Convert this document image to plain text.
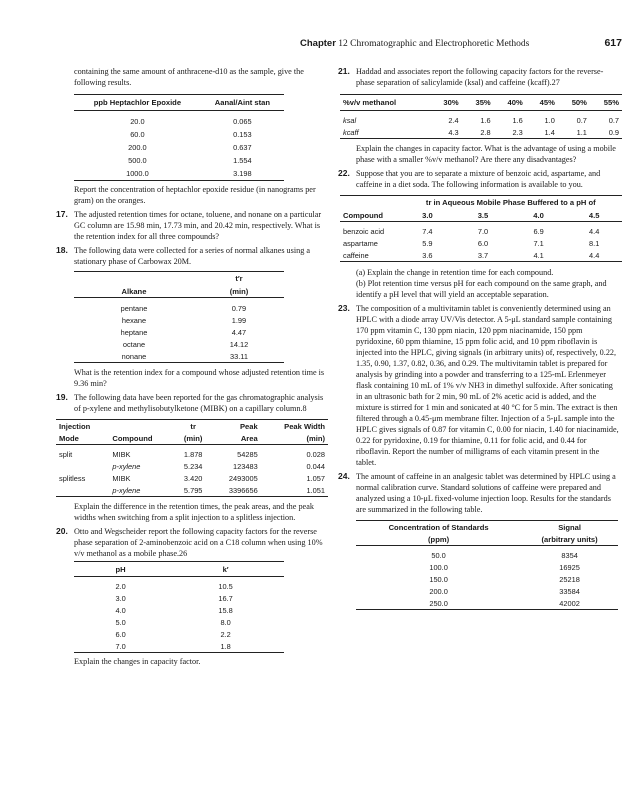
Chapter 12 Chromatographic and Electrophoretic Methods	617

containing the same amount of anthracene-d10 as the sample, give the following results.

ppb Heptachlor Epoxide	Aanal/Aint stan

20.0	0.065
60.0	0.153
200.0	0.637
500.0	1.554
1000.0	3.198

Report the concentration of heptachlor epoxide residue (in nanograms per gram) on the oranges.

17. The adjusted retention times for octane, toluene, and nonane on a particular GC column are 15.98 min, 17.73 min, and 20.42 min, respectively. What is the retention index for all three compounds?

18. The following data were collected for a series of normal alkanes using a stationary phase of Carbowax 20M.

	t′r
Alkane	(min)

pentane	0.79
hexane	1.99
heptane	4.47
octane	14.12
nonane	33.11

What is the retention index for a compound whose adjusted retention time is 9.36 min?

19. The following data have been reported for the gas chromatographic analysis of p-xylene and methylisobutylketone (MIBK) on a capillary column.8

Injection		tr	Peak	Peak Width
Mode	Compound	(min)	Area	(min)

split	MIBK	1.878	54285	0.028
	p-xylene	5.234	123483	0.044
splitless	MIBK	3.420	2493005	1.057
	p-xylene	5.795	3396656	1.051

Explain the difference in the retention times, the peak areas, and the peak widths when switching from a split injection to a splitless injection.

20. Otto and Wegscheider report the following capacity factors for the reverse phase separation of 2-aminobenzoic acid on a C18 column when using 10% v/v methanol as a mobile phase.26

pH	k′

2.0	10.5
3.0	16.7
4.0	15.8
5.0	8.0
6.0	2.2
7.0	1.8

Explain the changes in capacity factor.

21. Haddad and associates report the following capacity factors for the reverse-phase separation of salicylamide (ksal) and caffeine (kcaff).27

%v/v methanol	30%	35%	40%	45%	50%	55%

ksal	2.4	1.6	1.6	1.0	0.7	0.7
kcaff	4.3	2.8	2.3	1.4	1.1	0.9

Explain the changes in capacity factor. What is the advantage of using a mobile phase with a smaller %v/v methanol? Are there any disadvantages?

22. Suppose that you are to separate a mixture of benzoic acid, aspartame, and caffeine in a diet soda. The following information is available to you.

	tr in Aqueous Mobile Phase Buffered to a pH of			
Compound	3.0	3.5	4.0	4.5

benzoic acid	7.4	7.0	6.9	4.4
aspartame	5.9	6.0	7.1	8.1
caffeine	3.6	3.7	4.1	4.4

(a) Explain the change in retention time for each compound.

(b) Plot retention time versus pH for each compound on the same graph, and identify a pH level that will yield an acceptable separation.

23. The composition of a multivitamin tablet is conveniently determined using an HPLC with a diode array UV/Vis detector. A 5-μL standard sample containing 170 ppm vitamin C, 130 ppm niacin, 120 ppm niacinamide, 150 ppm pyridoxine, 60 ppm thiamine, 15 ppm folic acid, and 10 ppm riboflavin is injected into the HPLC, giving signals (in arbitrary units) of, respectively, 0.22, 1.35, 0.90, 1.37, 0.82, 0.36, and 0.29. The multivitamin tablet is prepared for analysis by grinding into a powder and transferring to a 125-mL Erlenmeyer flask containing 10 mL of 1% v/v NH3 in dimethyl sulfoxide. After sonicating in an ultrasonic bath for 2 min, 90 mL of 2% acetic acid is added, and the mixture is stirred for 1 min and sonicated at 40 °C for 5 min. The extract is then filtered through a 0.45-μm membrane filter. Injection of a 5-μL sample into the HPLC gives signals of 0.87 for vitamin C, 0.00 for niacin, 1.40 for niacinamide, 0.22 for pyridoxine, 0.19 for thiamine, 0.11 for folic acid, and 0.44 for riboflavin. Report the number of milligrams of each vitamin present in the tablet.

24. The amount of caffeine in an analgesic tablet was determined by HPLC using a normal calibration curve. Standard solutions of caffeine were prepared and analyzed using a 10-μL fixed-volume injection loop. Results for the standards are summarized in the following table.

Concentration of Standards	Signal
(ppm)	(arbitrary units)

50.0	8354
100.0	16925
150.0	25218
200.0	33584
250.0	42002
